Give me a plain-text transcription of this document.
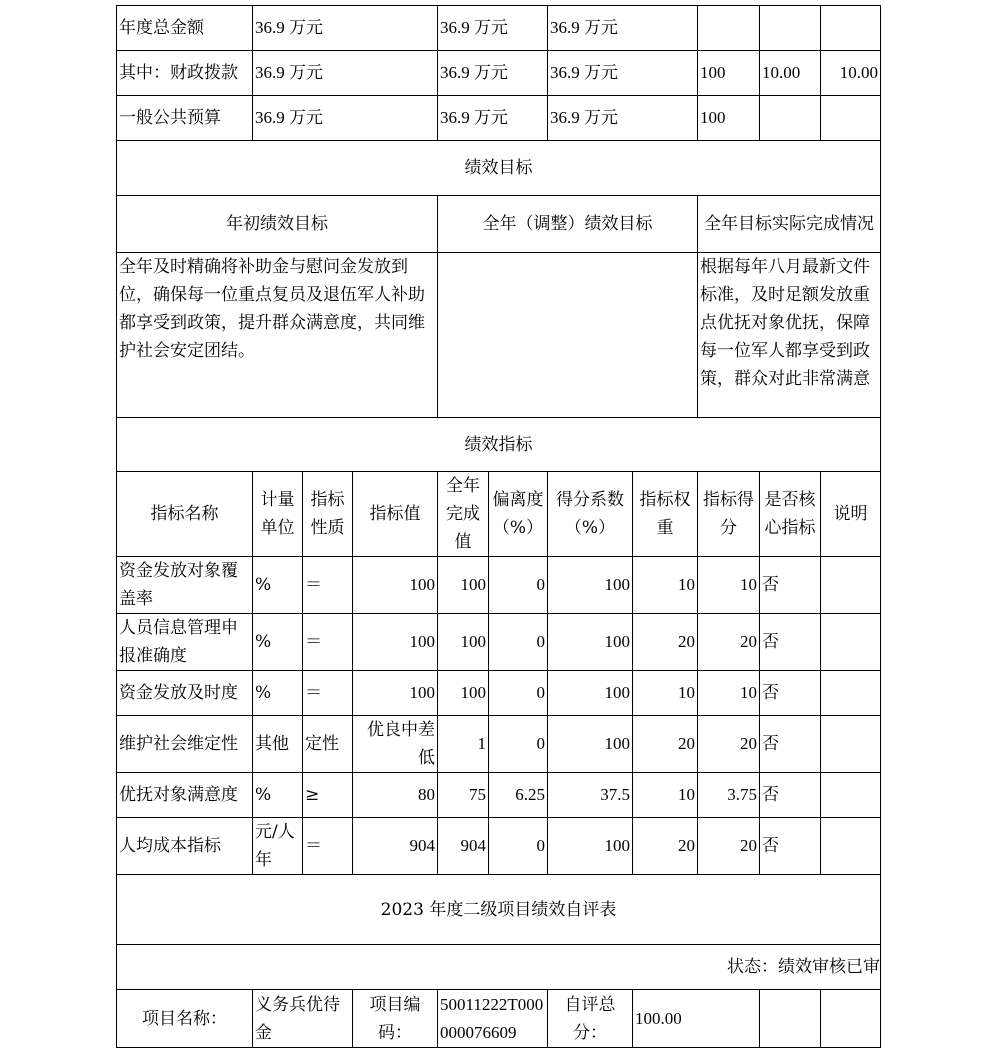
年度总金额	36.9 万元			36.9 万元		36.9 万元				
其中：财政拨款	36.9 万元			36.9 万元		36.9 万元		100	10.00	10.00
一般公共预算	36.9 万元			36.9 万元		36.9 万元		100		
绩效目标										
年初绩效目标				全年（调整）绩效目标				全年目标实际完成情况		
全年及时精确将补助金与慰问金发放到位，确保每一位重点复员及退伍军人补助都享受到政策，提升群众满意度，共同维护社会安定团结。								根据每年八月最新文件标准，及时足额发放重点优抚对象优抚，保障每一位军人都享受到政策，群众对此非常满意		
绩效指标										
指标名称	计量单位	指标性质	指标值	全年完成值	偏离度（%）	得分系数（%）	指标权重	指标得分	是否核心指标	说明
资金发放对象覆盖率	%	＝	100	100	0	100	10	10	否	
人员信息管理申报准确度	%	＝	100	100	0	100	20	20	否	
资金发放及时度	%	＝	100	100	0	100	10	10	否	
维护社会维定性	其他	定性	优良中差低	1	0	100	20	20	否	
优抚对象满意度	%	≥	80	75	6.25	37.5	10	3.75	否	
人均成本指标	元/人年	＝	904	904	0	100	20	20	否	
2023 年度二级项目绩效自评表										
状态：绩效审核已审										
项目名称：	义务兵优待金		项目编码：	50011222T000000076609		自评总分：	100.00			
